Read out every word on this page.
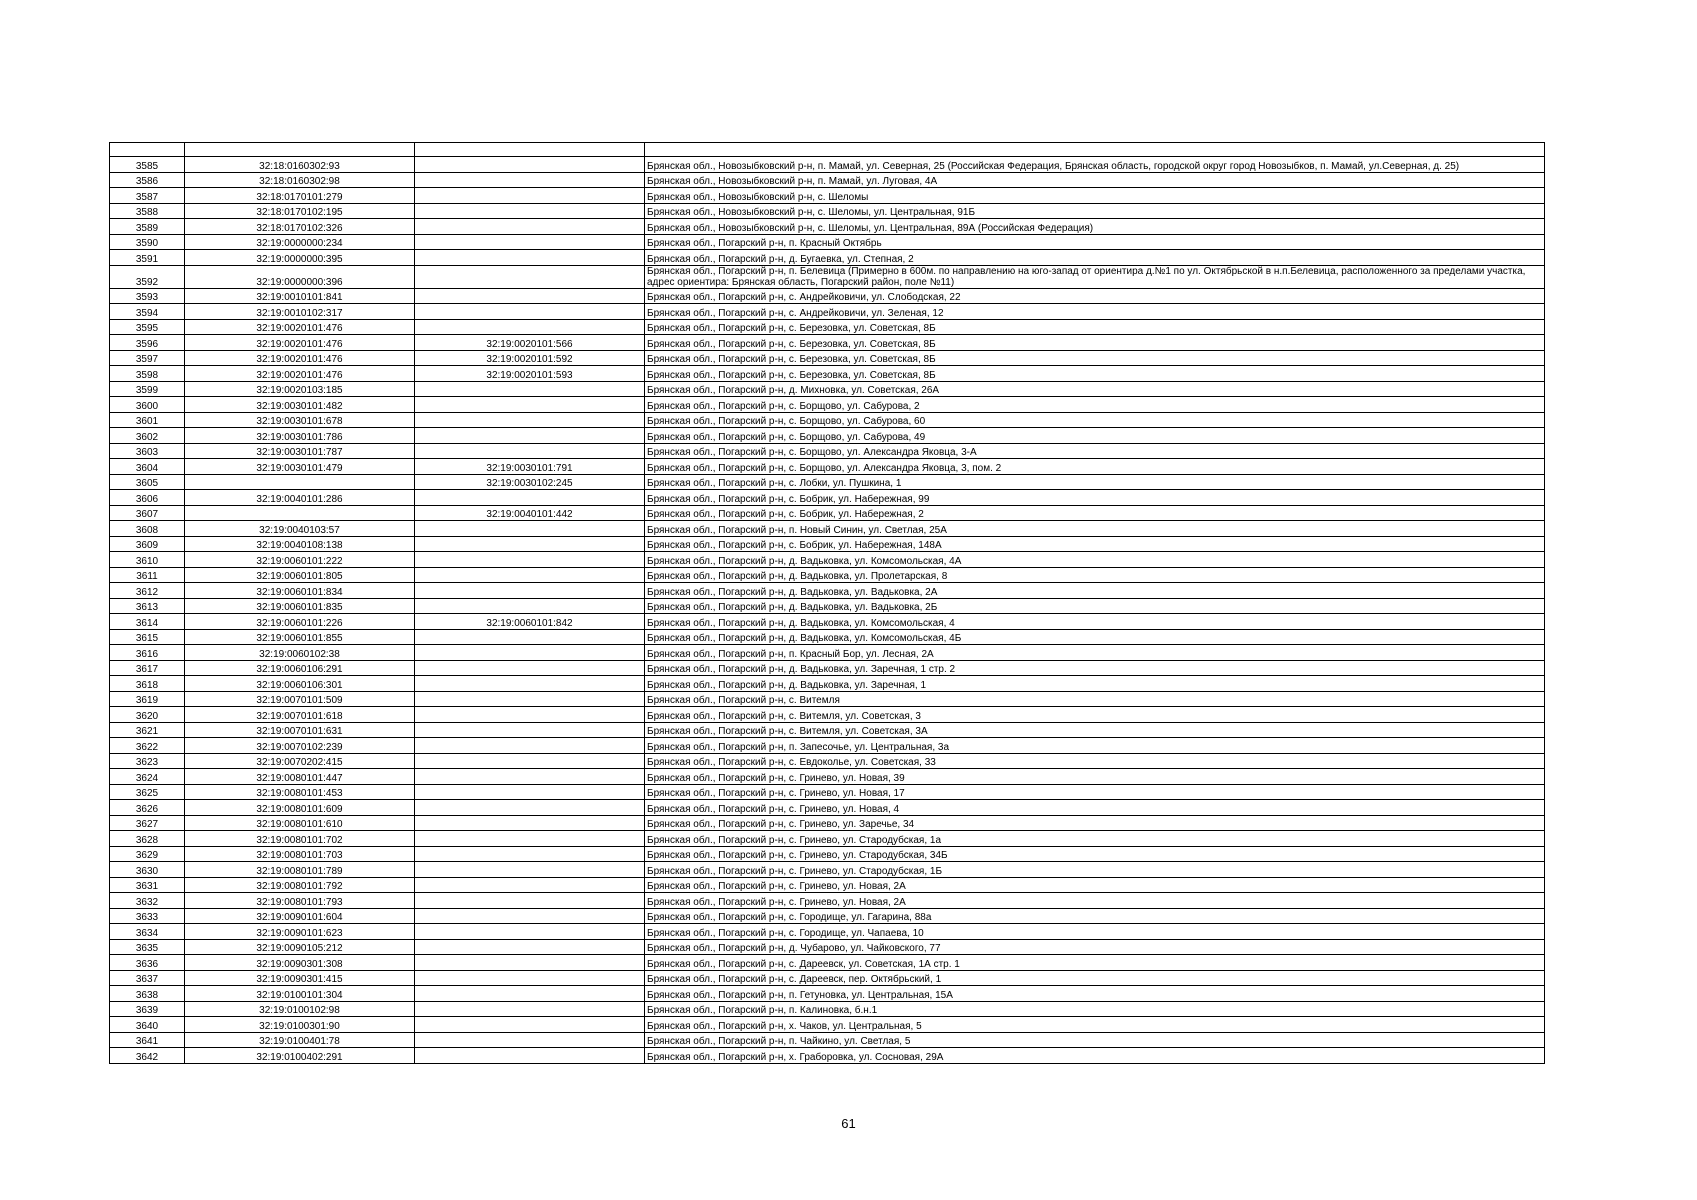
3585	32:18:0160302:93		Брянская обл., Новозыбковский р-н, п. Мамай, ул. Северная, 25 (Российская Федерация, Брянская область, городской округ город Новозыбков, п. Мамай, ул.Северная, д. 25)
3586	32:18:0160302:98		Брянская обл., Новозыбковский р-н, п. Мамай, ул. Луговая, 4А
3587	32:18:0170101:279		Брянская обл., Новозыбковский р-н, с. Шеломы
3588	32:18:0170102:195		Брянская обл., Новозыбковский р-н, с. Шеломы, ул. Центральная, 91Б
3589	32:18:0170102:326		Брянская обл., Новозыбковский р-н, с. Шеломы, ул. Центральная, 89А (Российская Федерация)
3590	32:19:0000000:234		Брянская обл., Погарский р-н, п. Красный Октябрь
3591	32:19:0000000:395		Брянская обл., Погарский р-н, д. Бугаевка, ул. Степная, 2
3592	32:19:0000000:396		Брянская обл., Погарский р-н, п. Белевица (Примерно в 600м. по направлению на юго-запад от ориентира д.№1 по ул. Октябрьской в н.п.Белевица, расположенного за пределами участка, адрес ориентира: Брянская область, Погарский район, поле №11)
3593	32:19:0010101:841		Брянская обл., Погарский р-н, с. Андрейковичи, ул. Слободская, 22
3594	32:19:0010102:317		Брянская обл., Погарский р-н, с. Андрейковичи, ул. Зеленая, 12
3595	32:19:0020101:476		Брянская обл., Погарский р-н, с. Березовка, ул. Советская, 8Б
3596	32:19:0020101:476	32:19:0020101:566	Брянская обл., Погарский р-н, с. Березовка, ул. Советская, 8Б
3597	32:19:0020101:476	32:19:0020101:592	Брянская обл., Погарский р-н, с. Березовка, ул. Советская, 8Б
3598	32:19:0020101:476	32:19:0020101:593	Брянская обл., Погарский р-н, с. Березовка, ул. Советская, 8Б
3599	32:19:0020103:185		Брянская обл., Погарский р-н, д. Михновка, ул. Советская, 26А
3600	32:19:0030101:482		Брянская обл., Погарский р-н, с. Борщово, ул. Сабурова, 2
3601	32:19:0030101:678		Брянская обл., Погарский р-н, с. Борщово, ул. Сабурова, 60
3602	32:19:0030101:786		Брянская обл., Погарский р-н, с. Борщово, ул. Сабурова, 49
3603	32:19:0030101:787		Брянская обл., Погарский р-н, с. Борщово, ул. Александра Яковца, 3-А
3604	32:19:0030101:479	32:19:0030101:791	Брянская обл., Погарский р-н, с. Борщово, ул. Александра Яковца, 3, пом. 2
3605		32:19:0030102:245	Брянская обл., Погарский р-н, с. Лобки, ул. Пушкина, 1
3606	32:19:0040101:286		Брянская обл., Погарский р-н, с. Бобрик, ул. Набережная, 99
3607		32:19:0040101:442	Брянская обл., Погарский р-н, с. Бобрик, ул. Набережная, 2
3608	32:19:0040103:57		Брянская обл., Погарский р-н, п. Новый Синин, ул. Светлая, 25А
3609	32:19:0040108:138		Брянская обл., Погарский р-н, с. Бобрик, ул. Набережная, 148А
3610	32:19:0060101:222		Брянская обл., Погарский р-н, д. Вадьковка, ул. Комсомольская, 4А
3611	32:19:0060101:805		Брянская обл., Погарский р-н, д. Вадьковка, ул. Пролетарская, 8
3612	32:19:0060101:834		Брянская обл., Погарский р-н, д. Вадьковка, ул. Вадьковка, 2А
3613	32:19:0060101:835		Брянская обл., Погарский р-н, д. Вадьковка, ул. Вадьковка, 2Б
3614	32:19:0060101:226	32:19:0060101:842	Брянская обл., Погарский р-н, д. Вадьковка, ул. Комсомольская, 4
3615	32:19:0060101:855		Брянская обл., Погарский р-н, д. Вадьковка, ул. Комсомольская, 4Б
3616	32:19:0060102:38		Брянская обл., Погарский р-н, п. Красный Бор, ул. Лесная, 2А
3617	32:19:0060106:291		Брянская обл., Погарский р-н, д. Вадьковка, ул. Заречная, 1 стр. 2
3618	32:19:0060106:301		Брянская обл., Погарский р-н, д. Вадьковка, ул. Заречная, 1
3619	32:19:0070101:509		Брянская обл., Погарский р-н, с. Витемля
3620	32:19:0070101:618		Брянская обл., Погарский р-н, с. Витемля, ул. Советская, 3
3621	32:19:0070101:631		Брянская обл., Погарский р-н, с. Витемля, ул. Советская, 3А
3622	32:19:0070102:239		Брянская обл., Погарский р-н, п. Запесочье, ул. Центральная, 3а
3623	32:19:0070202:415		Брянская обл., Погарский р-н, с. Евдоколье, ул. Советская, 33
3624	32:19:0080101:447		Брянская обл., Погарский р-н, с. Гринево, ул. Новая, 39
3625	32:19:0080101:453		Брянская обл., Погарский р-н, с. Гринево, ул. Новая, 17
3626	32:19:0080101:609		Брянская обл., Погарский р-н, с. Гринево, ул. Новая, 4
3627	32:19:0080101:610		Брянская обл., Погарский р-н, с. Гринево, ул. Заречье, 34
3628	32:19:0080101:702		Брянская обл., Погарский р-н, с. Гринево, ул. Стародубская, 1а
3629	32:19:0080101:703		Брянская обл., Погарский р-н, с. Гринево, ул. Стародубская, 34Б
3630	32:19:0080101:789		Брянская обл., Погарский р-н, с. Гринево, ул. Стародубская, 1Б
3631	32:19:0080101:792		Брянская обл., Погарский р-н, с. Гринево, ул. Новая, 2А
3632	32:19:0080101:793		Брянская обл., Погарский р-н, с. Гринево, ул. Новая, 2А
3633	32:19:0090101:604		Брянская обл., Погарский р-н, с. Городище, ул. Гагарина, 88а
3634	32:19:0090101:623		Брянская обл., Погарский р-н, с. Городище, ул. Чапаева, 10
3635	32:19:0090105:212		Брянская обл., Погарский р-н, д. Чубарово, ул. Чайковского, 77
3636	32:19:0090301:308		Брянская обл., Погарский р-н, с. Дареевск, ул. Советская, 1А стр. 1
3637	32:19:0090301:415		Брянская обл., Погарский р-н, с. Дареевск, пер. Октябрьский, 1
3638	32:19:0100101:304		Брянская обл., Погарский р-н, п. Гетуновка, ул. Центральная, 15А
3639	32:19:0100102:98		Брянская обл., Погарский р-н, п. Калиновка, б.н.1
3640	32:19:0100301:90		Брянская обл., Погарский р-н, х. Чаков, ул. Центральная, 5
3641	32:19:0100401:78		Брянская обл., Погарский р-н, п. Чайкино, ул. Светлая, 5
3642	32:19:0100402:291		Брянская обл., Погарский р-н, х. Граборовка, ул. Сосновая, 29А
61
